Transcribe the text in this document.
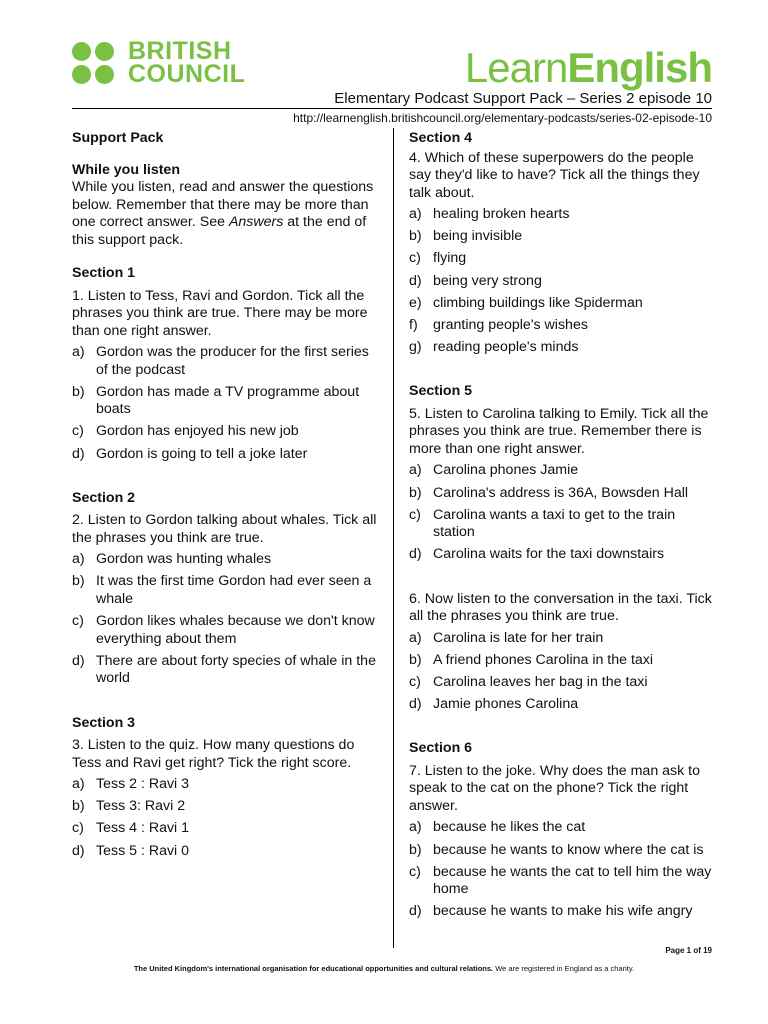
BRITISH
COUNCIL	LearnEnglish
Elementary Podcast Support Pack – Series 2 episode 10
http://learnenglish.britishcouncil.org/elementary-podcasts/series-02-episode-10

Support Pack

While you listen

While you listen, read and answer the questions below. Remember that there may be more than one correct answer. See Answers at the end of this support pack.

Section 1

1. Listen to Tess, Ravi and Gordon. Tick all the phrases you think are true. There may be more than one right answer.

a) Gordon was the producer for the first series of the podcast
b) Gordon has made a TV programme about boats
c) Gordon has enjoyed his new job
d) Gordon is going to tell a joke later

Section 2

2. Listen to Gordon talking about whales. Tick all the phrases you think are true.

a) Gordon was hunting whales
b) It was the first time Gordon had ever seen a whale
c) Gordon likes whales because we don't know everything about them
d) There are about forty species of whale in the world

Section 3

3. Listen to the quiz. How many questions do Tess and Ravi get right? Tick the right score.

a) Tess 2 : Ravi 3
b) Tess 3: Ravi 2
c) Tess 4 : Ravi 1
d) Tess 5 : Ravi 0

Section 4

4. Which of these superpowers do the people say they'd like to have? Tick all the things they talk about.

a) healing broken hearts
b) being invisible
c) flying
d) being very strong
e) climbing buildings like Spiderman
f)	granting people's wishes
g) reading people's minds

Section 5

5. Listen to Carolina talking to Emily. Tick all the phrases you think are true. Remember there is more than one right answer.

a) Carolina phones Jamie
b) Carolina's address is 36A, Bowsden Hall
c) Carolina wants a taxi to get to the train station
d) Carolina waits for the taxi downstairs

6. Now listen to the conversation in the taxi. Tick all the phrases you think are true.

a) Carolina is late for her train
b) A friend phones Carolina in the taxi
c) Carolina leaves her bag in the taxi
d) Jamie phones Carolina

Section 6

7. Listen to the joke. Why does the man ask to speak to the cat on the phone? Tick the right answer.

a) because he likes the cat
b) because he wants to know where the cat is
c) because he wants the cat to tell him the way home
d) because he wants to make his wife angry
Page 1 of 19
The United Kingdom's international organisation for educational opportunities and cultural relations. We are registered in England as a charity.
